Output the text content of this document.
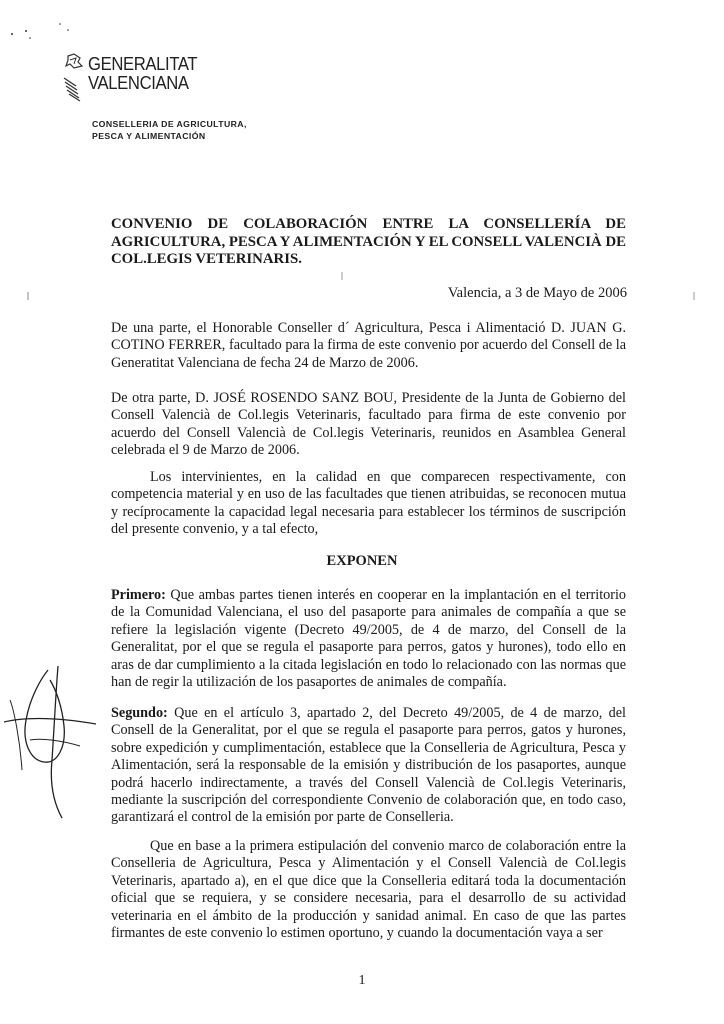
GENERALITAT
VALENCIANA
CONSELLERIA DE AGRICULTURA,
PESCA Y ALIMENTACIÓN
CONVENIO DE COLABORACIÓN ENTRE LA CONSELLERÍA DE AGRICULTURA, PESCA Y ALIMENTACIÓN Y EL CONSELL VALENCIÀ DE COL.LEGIS VETERINARIS.
Valencia, a 3 de Mayo de 2006
De una parte, el Honorable Conseller d´ Agricultura, Pesca i Alimentació D. JUAN G. COTINO FERRER, facultado para la firma de este convenio por acuerdo del Consell de la Generatitat Valenciana de fecha 24 de Marzo de 2006.
De otra parte, D. JOSÉ ROSENDO SANZ BOU, Presidente de la Junta de Gobierno del Consell Valencià de Col.legis Veterinaris, facultado para firma de este convenio por acuerdo del Consell Valencià de Col.legis Veterinaris, reunidos en Asamblea General celebrada el 9 de Marzo de 2006.
Los intervinientes, en la calidad en que comparecen respectivamente, con competencia material y en uso de las facultades que tienen atribuidas, se reconocen mutua y recíprocamente la capacidad legal necesaria para establecer los términos de suscripción del presente convenio, y a tal efecto,
EXPONEN
Primero: Que ambas partes tienen interés en cooperar en la implantación en el territorio de la Comunidad Valenciana, el uso del pasaporte para animales de compañía a que se refiere la legislación vigente (Decreto 49/2005, de 4 de marzo, del Consell de la Generalitat, por el que se regula el pasaporte para perros, gatos y hurones), todo ello en aras de dar cumplimiento a la citada legislación en todo lo relacionado con las normas que han de regir la utilización de los pasaportes de animales de compañía.
Segundo: Que en el artículo 3, apartado 2, del Decreto 49/2005, de 4 de marzo, del Consell de la Generalitat, por el que se regula el pasaporte para perros, gatos y hurones, sobre expedición y cumplimentación, establece que la Conselleria de Agricultura, Pesca y Alimentación, será la responsable de la emisión y distribución de los pasaportes, aunque podrá hacerlo indirectamente, a través del Consell Valencià de Col.legis Veterinaris, mediante la suscripción del correspondiente Convenio de colaboración que, en todo caso, garantizará el control de la emisión por parte de Conselleria.
Que en base a la primera estipulación del convenio marco de colaboración entre la Conselleria de Agricultura, Pesca y Alimentación y el Consell Valencià de Col.legis Veterinaris, apartado a), en el que dice que la Conselleria editará toda la documentación oficial que se requiera, y se considere necesaria, para el desarrollo de su actividad veterinaria en el ámbito de la producción y sanidad animal. En caso de que las partes firmantes de este convenio lo estimen oportuno, y cuando la documentación vaya a ser
1
